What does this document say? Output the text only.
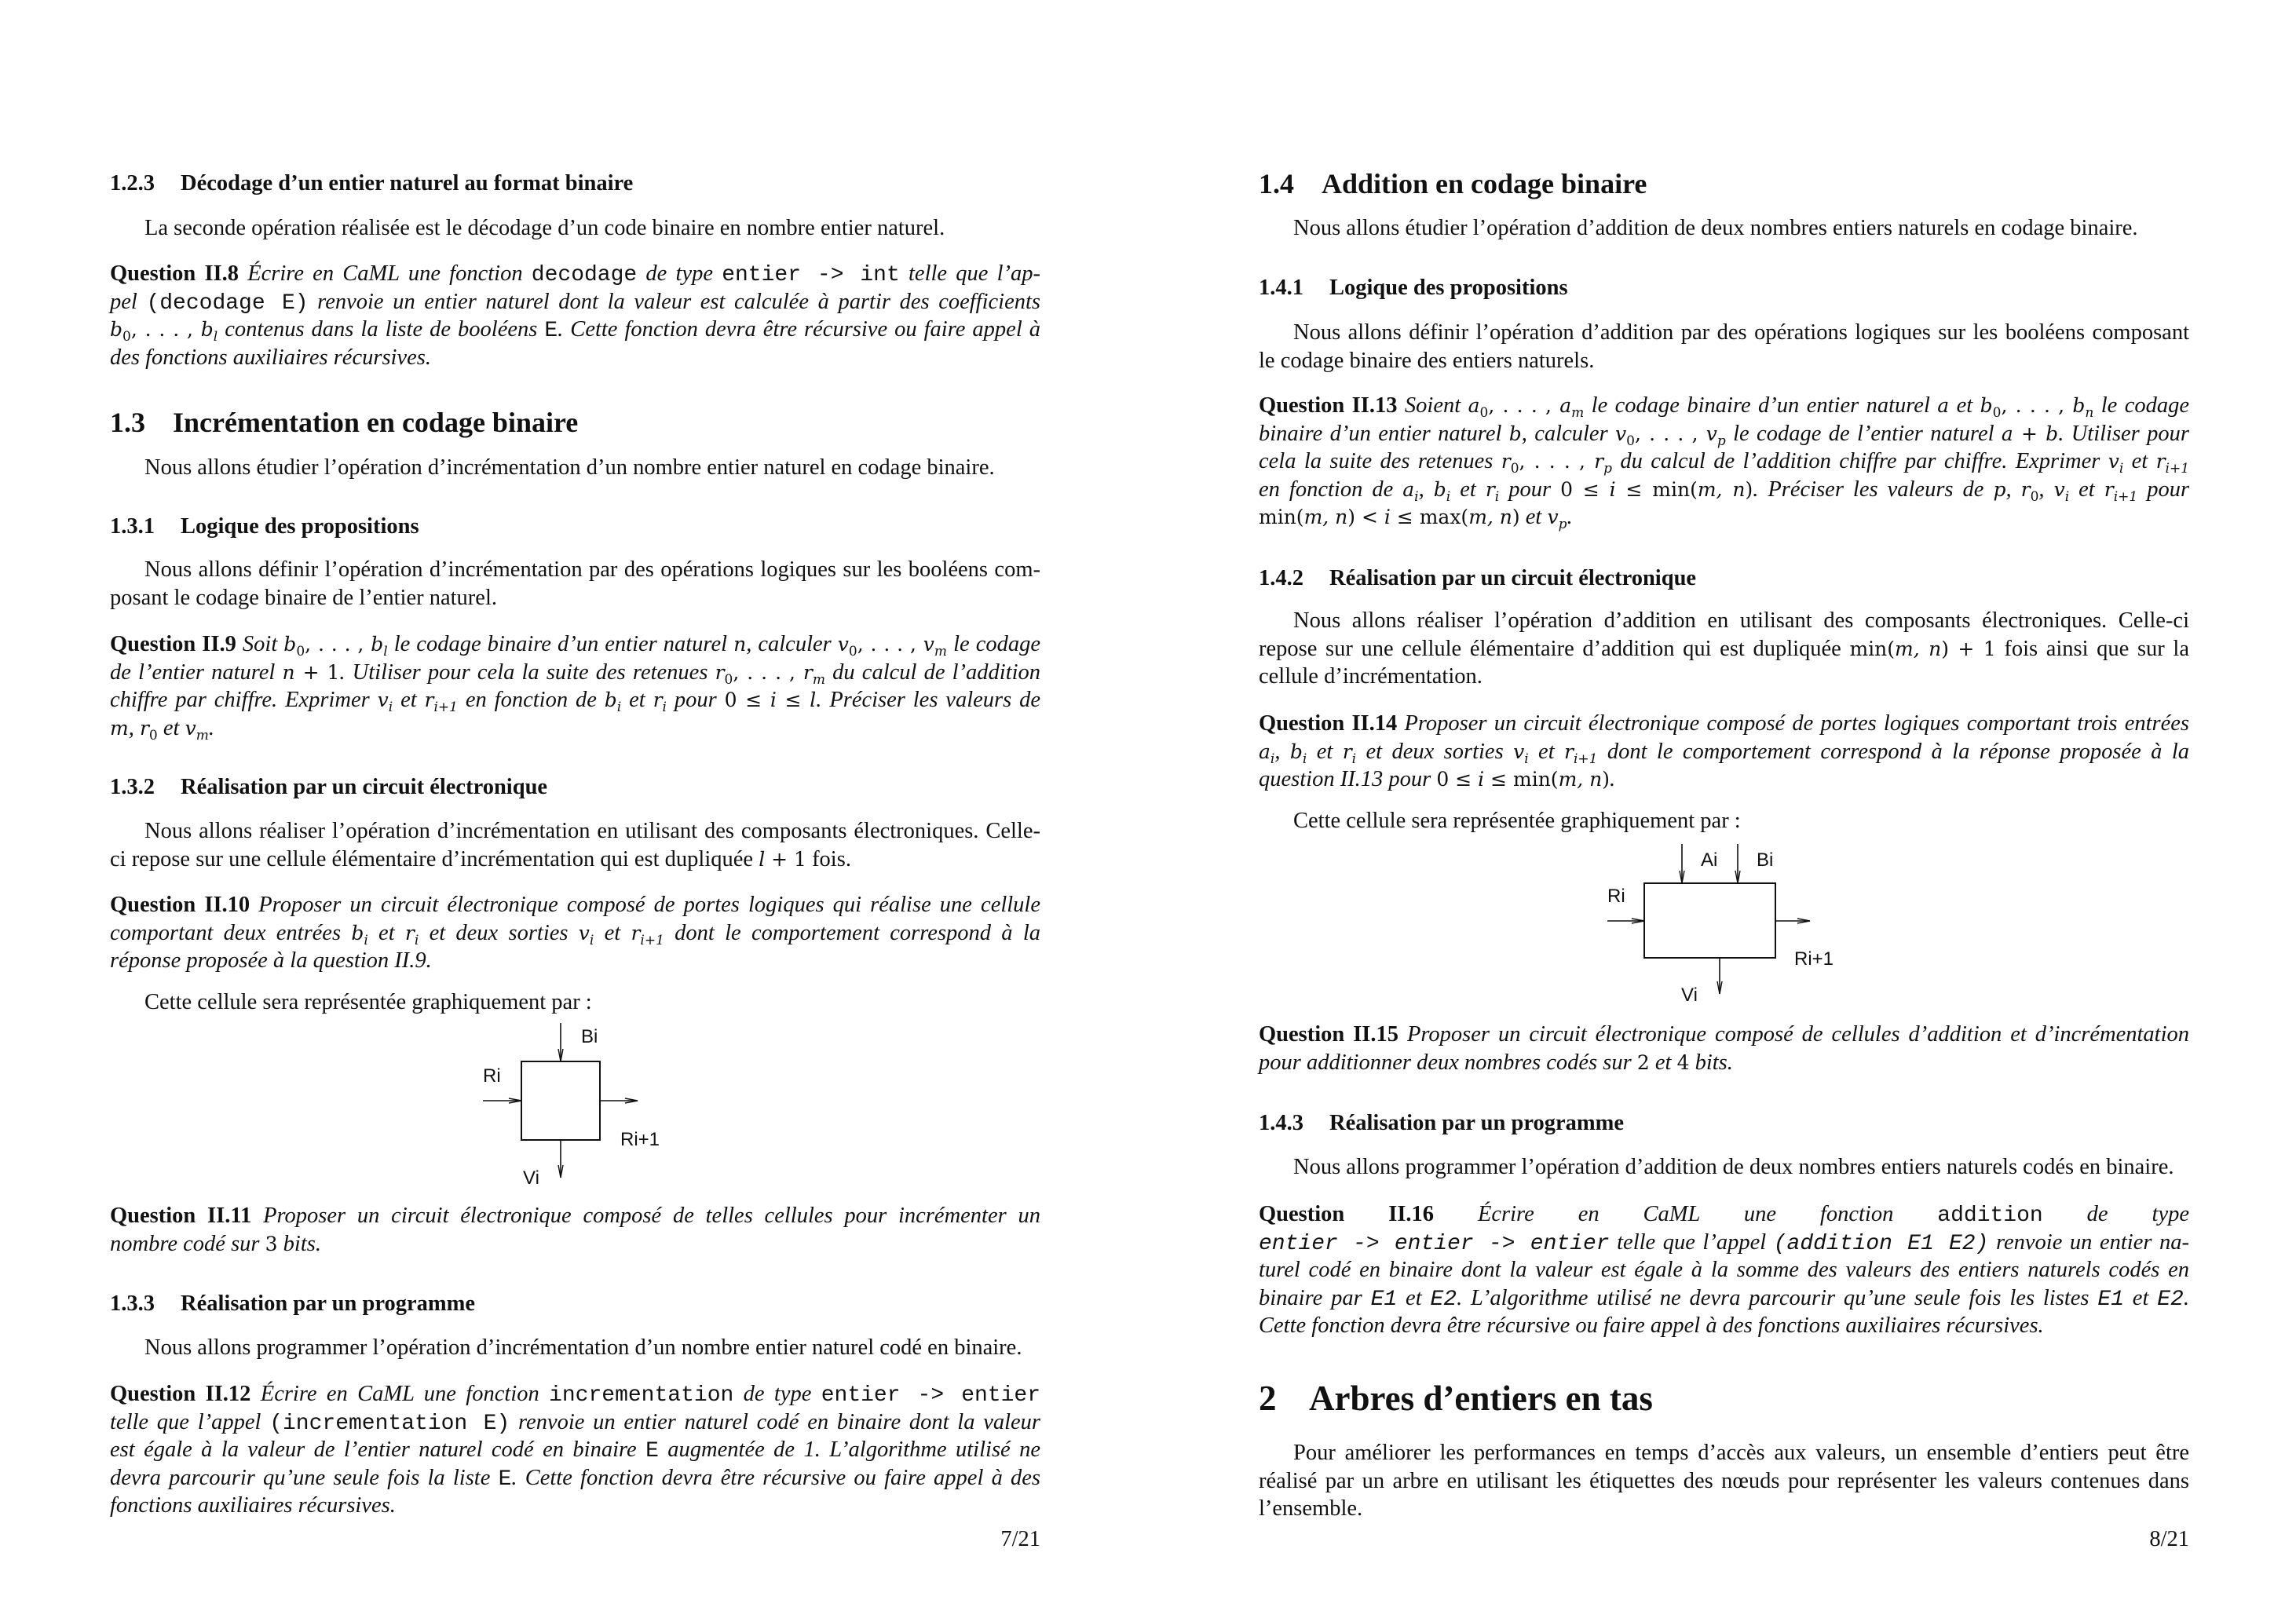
1.2.3 Décodage d’un entier naturel au format binaire
La seconde opération réalisée est le décodage d’un code binaire en nombre entier naturel.
Question II.8 Écrire en CaML une fonction decodage de type entier -> int telle que l’ap-
pel (decodage E) renvoie un entier naturel dont la valeur est calculée à partir des coefficients
$b_0$, . . . , $b_l$ contenus dans la liste de booléens E. Cette fonction devra être récursive ou faire appel à
des fonctions auxiliaires récursives.
1.3 Incrémentation en codage binaire
Nous allons étudier l’opération d’incrémentation d’un nombre entier naturel en codage binaire.
1.3.1 Logique des propositions
Nous allons définir l’opération d’incrémentation par des opérations logiques sur les booléens com-
posant le codage binaire de l’entier naturel.
Question II.9 Soit $b_0$, . . . , $b_l$ le codage binaire d’un entier naturel n, calculer $v_0$, . . . , $v_m$ le codage
de l’entier naturel n + 1. Utiliser pour cela la suite des retenues $r_0$, . . . , $r_m$ du calcul de l’addition
chiffre par chiffre. Exprimer $v_i$ et $r_{i+1}$ en fonction de $b_i$ et $r_i$ pour 0 ≤ i ≤ l. Préciser les valeurs de
m, $r_0$ et $v_m$.
1.3.2 Réalisation par un circuit électronique
Nous allons réaliser l’opération d’incrémentation en utilisant des composants électroniques. Celle-
ci repose sur une cellule élémentaire d’incrémentation qui est dupliquée l + 1 fois.
Question II.10 Proposer un circuit électronique composé de portes logiques qui réalise une cellule
comportant deux entrées $b_i$ et $r_i$ et deux sorties $v_i$ et $r_{i+1}$ dont le comportement correspond à la
réponse proposée à la question II.9.
Cette cellule sera représentée graphiquement par :
Bi
Ri
Ri+1
Vi
Question II.11 Proposer un circuit électronique composé de telles cellules pour incrémenter un
nombre codé sur 3 bits.
1.3.3 Réalisation par un programme
Nous allons programmer l’opération d’incrémentation d’un nombre entier naturel codé en binaire.
Question II.12 Écrire en CaML une fonction incrementation de type entier -> entier
telle que l’appel (incrementation E) renvoie un entier naturel codé en binaire dont la valeur
est égale à la valeur de l’entier naturel codé en binaire E augmentée de 1. L’algorithme utilisé ne
devra parcourir qu’une seule fois la liste E. Cette fonction devra être récursive ou faire appel à des
fonctions auxiliaires récursives.
7/21
1.4 Addition en codage binaire
Nous allons étudier l’opération d’addition de deux nombres entiers naturels en codage binaire.
1.4.1 Logique des propositions
Nous allons définir l’opération d’addition par des opérations logiques sur les booléens composant
le codage binaire des entiers naturels.
Question II.13 Soient $a_0$, . . . , $a_m$ le codage binaire d’un entier naturel a et $b_0$, . . . , $b_n$ le codage
binaire d’un entier naturel b, calculer $v_0$, . . . , $v_p$ le codage de l’entier naturel a + b. Utiliser pour
cela la suite des retenues $r_0$, . . . , $r_p$ du calcul de l’addition chiffre par chiffre. Exprimer $v_i$ et $r_{i+1}$
en fonction de $a_i$, $b_i$ et $r_i$ pour 0 ≤ i ≤ min(m, n). Préciser les valeurs de p, $r_0$, $v_i$ et $r_{i+1}$ pour
min(m, n) < i ≤ max(m, n) et $v_p$.
1.4.2 Réalisation par un circuit électronique
Nous allons réaliser l’opération d’addition en utilisant des composants électroniques. Celle-ci
repose sur une cellule élémentaire d’addition qui est dupliquée min(m, n) + 1 fois ainsi que sur la
cellule d’incrémentation.
Question II.14 Proposer un circuit électronique composé de portes logiques comportant trois entrées
$a_i$, $b_i$ et $r_i$ et deux sorties $v_i$ et $r_{i+1}$ dont le comportement correspond à la réponse proposée à la
question II.13 pour 0 ≤ i ≤ min(m, n).
Cette cellule sera représentée graphiquement par :
Ai Bi
Ri
Ri+1
Vi
Question II.15 Proposer un circuit électronique composé de cellules d’addition et d’incrémentation
pour additionner deux nombres codés sur 2 et 4 bits.
1.4.3 Réalisation par un programme
Nous allons programmer l’opération d’addition de deux nombres entiers naturels codés en binaire.
Question II.16 Écrire en CaML une fonction addition de type
entier -> entier -> entier telle que l’appel (addition E1 E2) renvoie un entier na-
turel codé en binaire dont la valeur est égale à la somme des valeurs des entiers naturels codés en
binaire par E1 et E2. L’algorithme utilisé ne devra parcourir qu’une seule fois les listes E1 et E2.
Cette fonction devra être récursive ou faire appel à des fonctions auxiliaires récursives.
2 Arbres d’entiers en tas
Pour améliorer les performances en temps d’accès aux valeurs, un ensemble d’entiers peut être
réalisé par un arbre en utilisant les étiquettes des nœuds pour représenter les valeurs contenues dans
l’ensemble.
8/21
